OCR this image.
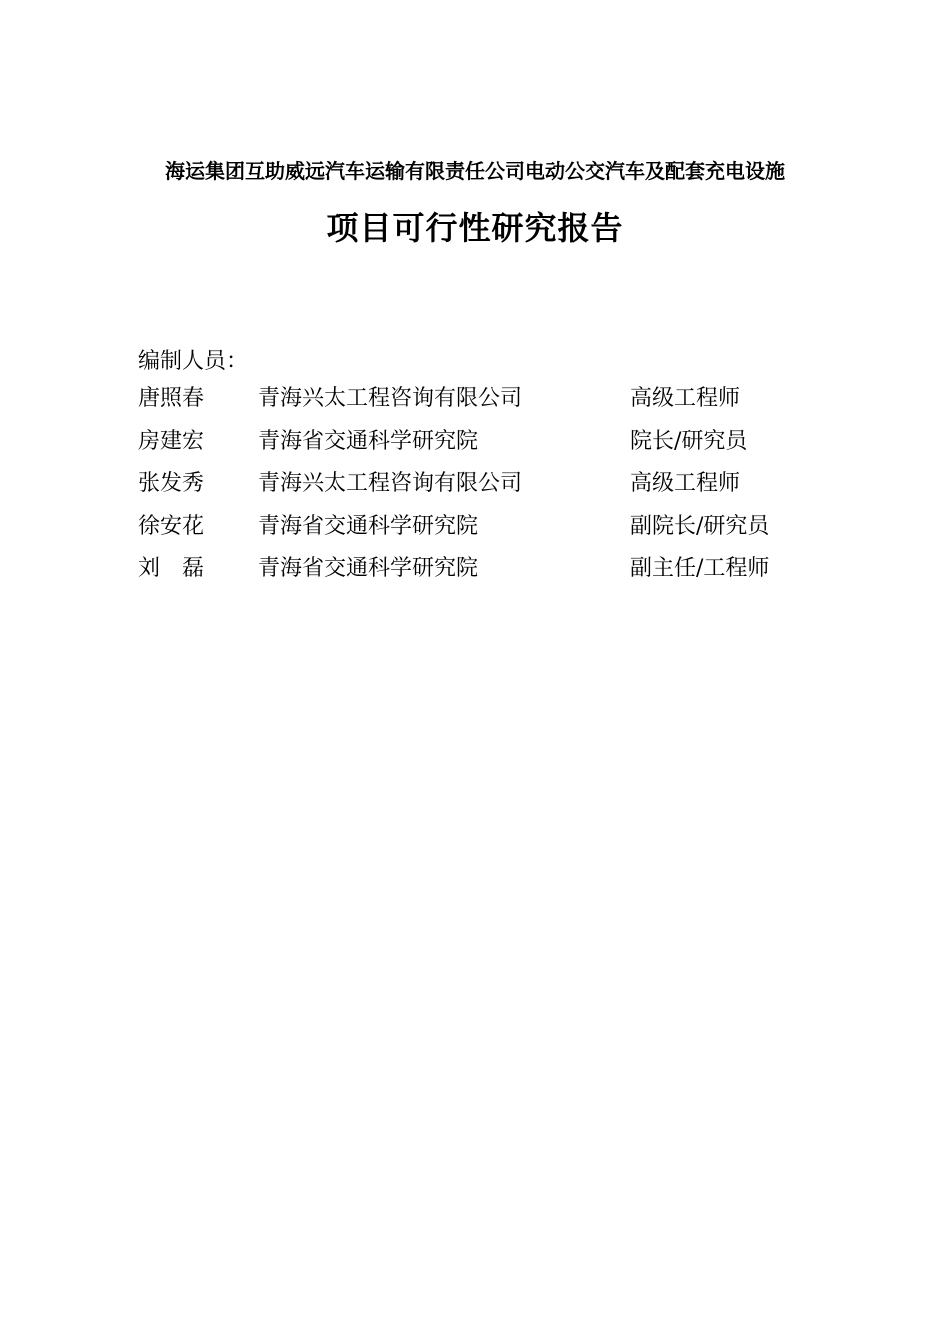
海运集团互助威远汽车运输有限责任公司电动公交汽车及配套充电设施
项目可行性研究报告
编制人员：
唐照春	青海兴太工程咨询有限公司	高级工程师
房建宏	青海省交通科学研究院	院长/研究员
张发秀	青海兴太工程咨询有限公司	高级工程师
徐安花	青海省交通科学研究院	副院长/研究员
刘　磊	青海省交通科学研究院	副主任/工程师
